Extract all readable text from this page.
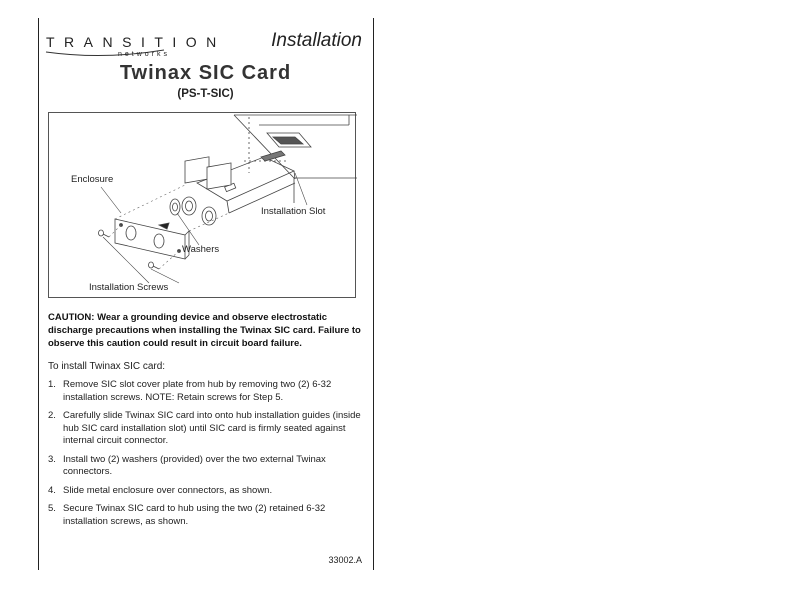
TRANSITION
networks
Installation
Twinax SIC Card
(PS-T-SIC)
Enclosure
Installation Slot
Washers
Installation Screws
CAUTION: Wear a grounding device and observe electrostatic discharge precautions when installing the Twinax SIC card. Failure to observe this caution could result in circuit board failure.
To install Twinax SIC card:
1. Remove SIC slot cover plate from hub by removing two (2) 6-32 installation screws. NOTE: Retain screws for Step 5.
2. Carefully slide Twinax SIC card into onto hub installation guides (inside hub SIC card installation slot) until SIC card is firmly seated against internal circuit connector.
3. Install two (2) washers (provided) over the two external Twinax connectors.
4. Slide metal enclosure over connectors, as shown.
5. Secure Twinax SIC card to hub using the two (2) retained 6-32 installation screws, as shown.
33002.A
